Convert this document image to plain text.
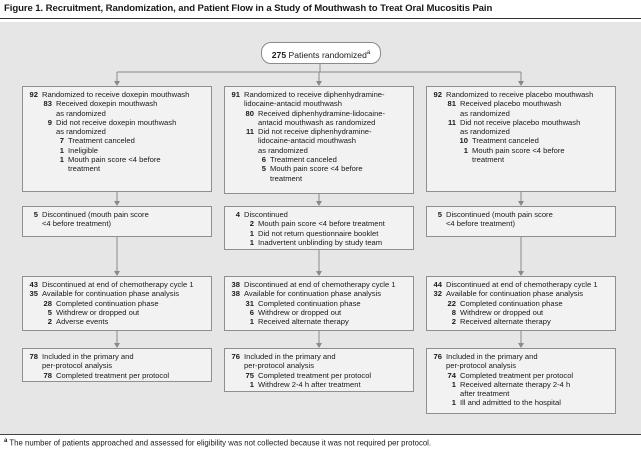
Figure 1. Recruitment, Randomization, and Patient Flow in a Study of Mouthwash to Treat Oral Mucositis Pain
275 Patients randomized$^a$
92 Randomized to receive doxepin mouthwash
83 Received doxepin mouthwash
as randomized
9 Did not receive doxepin mouthwash
as randomized
7 Treatment canceled
1 Ineligible
1 Mouth pain score <4 before
treatment
5 Discontinued (mouth pain score
<4 before treatment)
43 Discontinued at end of chemotherapy cycle 1
35 Available for continuation phase analysis
28 Completed continuation phase
5 Withdrew or dropped out
2 Adverse events
78 Included in the primary and
per-protocol analysis
78 Completed treatment per protocol
91 Randomized to receive diphenhydramine-
lidocaine-antacid mouthwash
80 Received diphenhydramine-lidocaine-
antacid mouthwash as randomized
11 Did not receive diphenhydramine-
lidocaine-antacid mouthwash
as randomized
6 Treatment canceled
5 Mouth pain score <4 before
treatment
4 Discontinued
2 Mouth pain score <4 before treatment
1 Did not return questionnaire booklet
1 Inadvertent unblinding by study team
38 Discontinued at end of chemotherapy cycle 1
38 Available for continuation phase analysis
31 Completed continuation phase
6 Withdrew or dropped out
1 Received alternate therapy
76 Included in the primary and
per-protocol analysis
75 Completed treatment per protocol
1 Withdrew 2-4 h after treatment
92 Randomized to receive placebo mouthwash
81 Received placebo mouthwash
as randomized
11 Did not receive placebo mouthwash
as randomized
10 Treatment canceled
1 Mouth pain score <4 before
treatment
5 Discontinued (mouth pain score
<4 before treatment)
44 Discontinued at end of chemotherapy cycle 1
32 Available for continuation phase analysis
22 Completed continuation phase
8 Withdrew or dropped out
2 Received alternate therapy
76 Included in the primary and
per-protocol analysis
74 Completed treatment per protocol
1 Received alternate therapy 2-4 h
after treatment
1 Ill and admitted to the hospital
$^a$ The number of patients approached and assessed for eligibility was not collected because it was not required per protocol.
